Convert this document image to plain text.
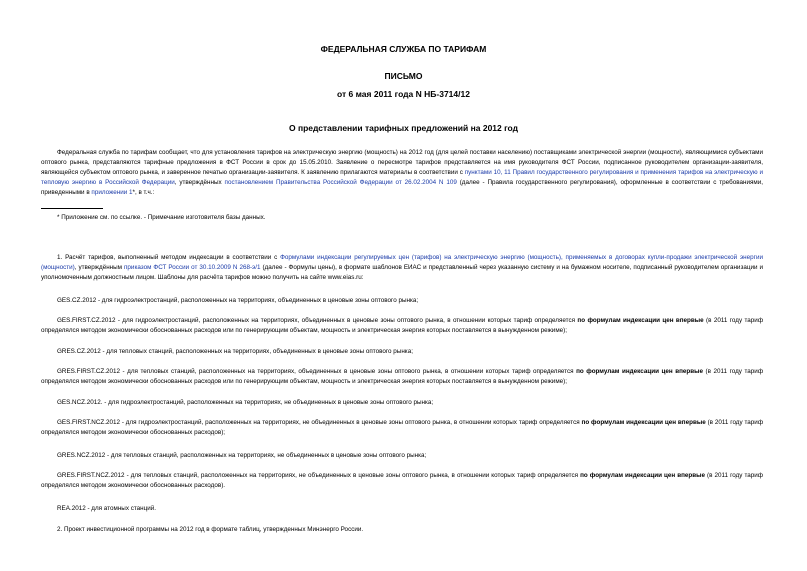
ФЕДЕРАЛЬНАЯ СЛУЖБА ПО ТАРИФАМ
ПИСЬМО
от 6 мая 2011 года N НБ-3714/12
О представлении тарифных предложений на 2012 год

Федеральная служба по тарифам сообщает, что для установления тарифов на электрическую энергию (мощность) на 2012 год (для целей поставки населению) поставщиками электрической энергии (мощности), являющимися субъектами оптового рынка, представляются тарифные предложения в ФСТ России в срок до 15.05.2010. Заявление о пересмотре тарифов представляется на имя руководителя ФСТ России, подписанное руководителем организации-заявителя, являющейся субъектом оптового рынка, и заверенное печатью организации-заявителя. К заявлению прилагаются материалы в соответствии с пунктами 10, 11 Правил государственного регулирования и применения тарифов на электрическую и тепловую энергию в Российской Федерации, утверждённых постановлением Правительства Российской Федерации от 26.02.2004 N 109 (далее - Правила государственного регулирования), оформленные в соответствии с требованиями, приведенными в приложении 1*, в т.ч.:

* Приложение см. по ссылке. - Примечание изготовителя базы данных.

1. Расчёт тарифов, выполненный методом индексации в соответствии с Формулами индексации регулируемых цен (тарифов) на электрическую энергию (мощность), применяемых в договорах купли-продажи электрической энергии (мощности), утверждённым приказом ФСТ России от 30.10.2009 N 268-э/1 (далее - Формулы цены), в формате шаблонов ЕИАС и представленный через указанную систему и на бумажном носителе, подписанный руководителем организации и уполномоченным должностным лицом. Шаблоны для расчёта тарифов можно получить на сайте www.eias.ru:

GES.CZ.2012 - для гидроэлектростанций, расположенных на территориях, объединенных в ценовые зоны оптового рынка;

GES.FIRST.CZ.2012 - для гидроэлектростанций, расположенных на территориях, объединенных в ценовые зоны оптового рынка, в отношении которых тариф определяется по формулам индексации цен впервые (в 2011 году тариф определялся методом экономически обоснованных расходов или по генерирующим объектам, мощность и электрическая энергия которых поставляется в вынужденном режиме);

GRES.CZ.2012 - для тепловых станций, расположенных на территориях, объединенных в ценовые зоны оптового рынка;

GRES.FIRST.CZ.2012 - для тепловых станций, расположенных на территориях, объединенных в ценовые зоны оптового рынка, в отношении которых тариф определяется по формулам индексации цен впервые (в 2011 году тариф определялся методом экономически обоснованных расходов или по генерирующим объектам, мощность и электрическая энергия которых поставляется в вынужденном режиме);

GES.NCZ.2012. - для гидроэлектростанций, расположенных на территориях, не объединенных в ценовые зоны оптового рынка;

GES.FIRST.NCZ.2012 - для гидроэлектростанций, расположенных на территориях, не объединенных в ценовые зоны оптового рынка, в отношении которых тариф определяется по формулам индексации цен впервые (в 2011 году тариф определялся методом экономически обоснованных расходов);

GRES.NCZ.2012 - для тепловых станций, расположенных на территориях, не объединенных в ценовые зоны оптового рынка;

GRES.FIRST.NCZ.2012 - для тепловых станций, расположенных на территориях, не объединенных в ценовые зоны оптового рынка, в отношении которых тариф определяется по формулам индексации цен впервые (в 2011 году тариф определялся методом экономически обоснованных расходов).

REA.2012 - для атомных станций.

2. Проект инвестиционной программы на 2012 год в формате таблиц, утвержденных Минэнерго России.
